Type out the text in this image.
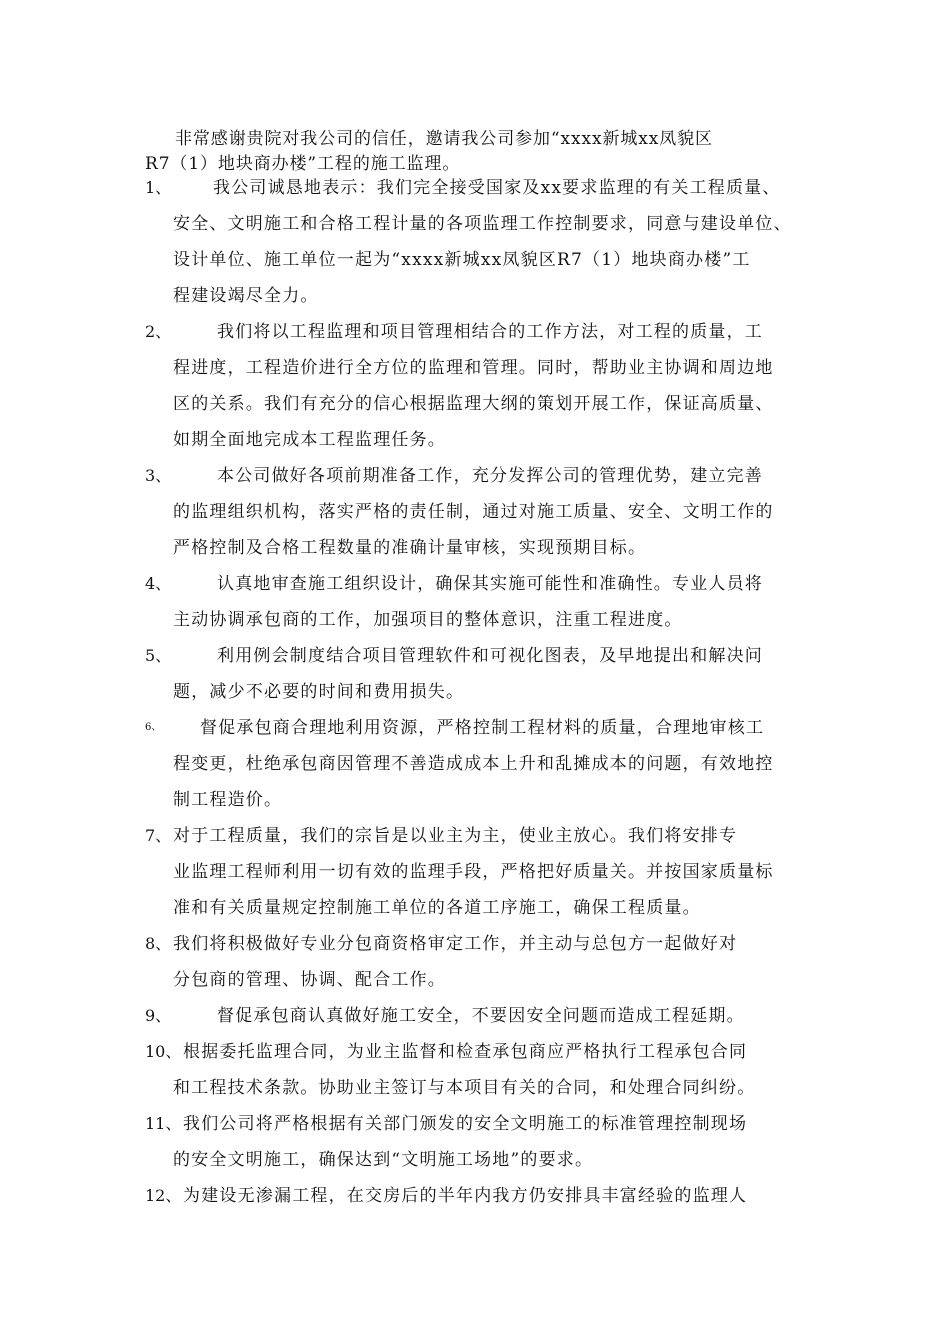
非常感谢贵院对我公司的信任，邀请我公司参加“xxxx新城xx凤貌区
R7（1）地块商办楼”工程的施工监理。
1、	我公司诚恳地表示：我们完全接受国家及xx要求监理的有关工程质量、
安全、文明施工和合格工程计量的各项监理工作控制要求，同意与建设单位、
设计单位、施工单位一起为“xxxx新城xx凤貌区R7（1）地块商办楼”工
程建设竭尽全力。
2、	我们将以工程监理和项目管理相结合的工作方法，对工程的质量，工
程进度，工程造价进行全方位的监理和管理。同时，帮助业主协调和周边地
区的关系。我们有充分的信心根据监理大纲的策划开展工作，保证高质量、
如期全面地完成本工程监理任务。
3、	本公司做好各项前期准备工作，充分发挥公司的管理优势，建立完善
的监理组织机构，落实严格的责任制，通过对施工质量、安全、文明工作的
严格控制及合格工程数量的准确计量审核，实现预期目标。
4、	认真地审查施工组织设计，确保其实施可能性和准确性。专业人员将
主动协调承包商的工作，加强项目的整体意识，注重工程进度。
5、	利用例会制度结合项目管理软件和可视化图表，及早地提出和解决问
题，减少不必要的时间和费用损失。
6、	督促承包商合理地利用资源，严格控制工程材料的质量，合理地审核工
程变更，杜绝承包商因管理不善造成成本上升和乱摊成本的问题，有效地控
制工程造价。
7、 对于工程质量，我们的宗旨是以业主为主，使业主放心。我们将安排专
业监理工程师利用一切有效的监理手段，严格把好质量关。并按国家质量标
准和有关质量规定控制施工单位的各道工序施工，确保工程质量。
8、 我们将积极做好专业分包商资格审定工作，并主动与总包方一起做好对
分包商的管理、协调、配合工作。
9、	督促承包商认真做好施工安全，不要因安全问题而造成工程延期。
10、 根据委托监理合同，为业主监督和检查承包商应严格执行工程承包合同
和工程技术条款。协助业主签订与本项目有关的合同，和处理合同纠纷。
11、 我们公司将严格根据有关部门颁发的安全文明施工的标准管理控制现场
的安全文明施工，确保达到“文明施工场地”的要求。
12、 为建设无渗漏工程，在交房后的半年内我方仍安排具丰富经验的监理人
